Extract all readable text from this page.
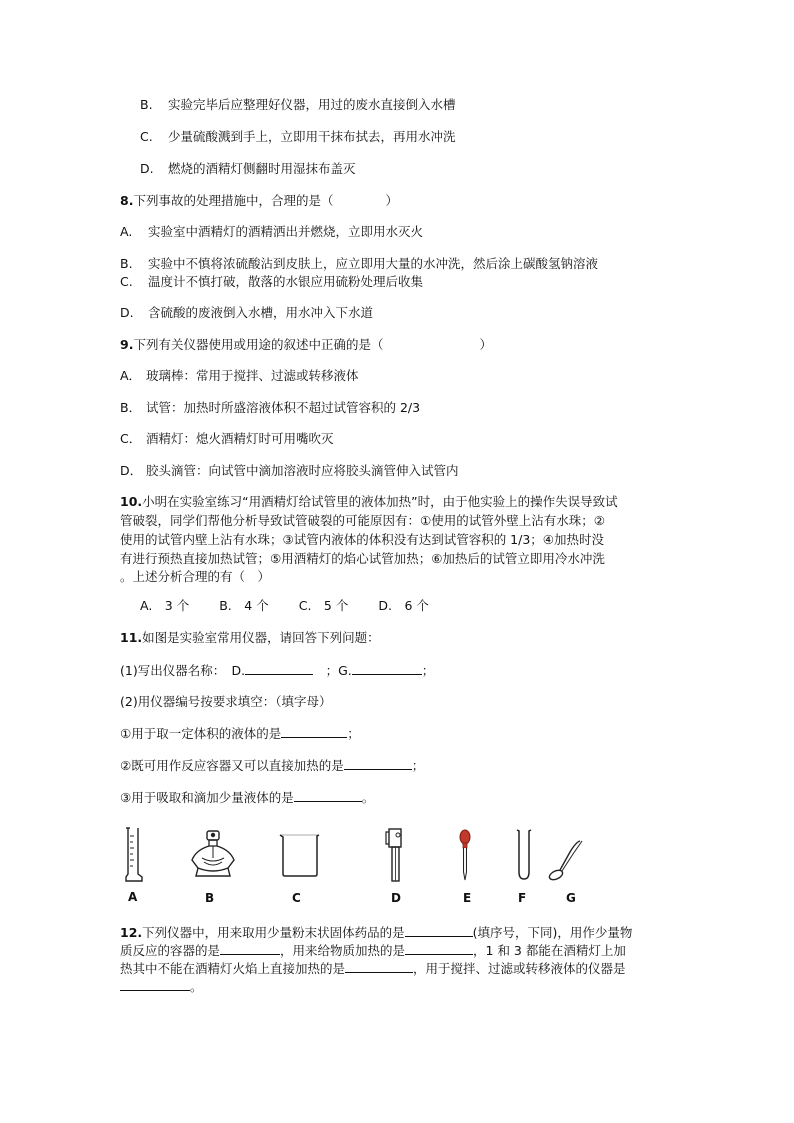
B. 实验完毕后应整理好仪器，用过的废水直接倒入水槽
C. 少量硫酸溅到手上，立即用干抹布拭去，再用水冲洗
D. 燃烧的酒精灯侧翻时用湿抹布盖灭
8.下列事故的处理措施中，合理的是（	）
A. 实验室中酒精灯的酒精洒出并燃烧，立即用水灭火
B. 实验中不慎将浓硫酸沾到皮肤上，应立即用大量的水冲洗，然后涂上碳酸氢钠溶液
C. 温度计不慎打破，散落的水银应用硫粉处理后收集
D. 含硫酸的废液倒入水槽，用水冲入下水道
9.下列有关仪器使用或用途的叙述中正确的是（	）
A． 玻璃棒：常用于搅拌、过滤或转移液体
B． 试管：加热时所盛溶液体积不超过试管容积的 2/3
C． 酒精灯：熄火酒精灯时可用嘴吹灭
D． 胶头滴管：向试管中滴加溶液时应将胶头滴管伸入试管内
10.小明在实验室练习“用酒精灯给试管里的液体加热”时，由于他实验上的操作失误导致试
管破裂，同学们帮他分析导致试管破裂的可能原因有：①使用的试管外壁上沾有水珠；②
使用的试管内壁上沾有水珠；③试管内液体的体积没有达到试管容积的 1/3；④加热时没
有进行预热直接加热试管；⑤用酒精灯的焰心试管加热；⑥加热后的试管立即用冷水冲洗
。上述分析合理的有（　）
A.　3 个 B.　4 个 C.　5 个 D.　6 个
11.如图是实验室常用仪器，请回答下列问题：
(1)写出仪器名称：　D.　	；G.	；
(2)用仪器编号按要求填空：（填字母）
①用于取一定体积的液体的是	；
②既可用作反应容器又可以直接加热的是	；
③用于吸取和滴加少量液体的是	。
A	B	C	D	E	F	G
12.下列仪器中，用来取用少量粉末状固体药品的是	(填序号，下同)，用作少量物
质反应的容器的是	，用来给物质加热的是	，1 和 3 都能在酒精灯上加
热其中不能在酒精灯火焰上直接加热的是	，用于搅拌、过滤或转移液体的仪器是
。
